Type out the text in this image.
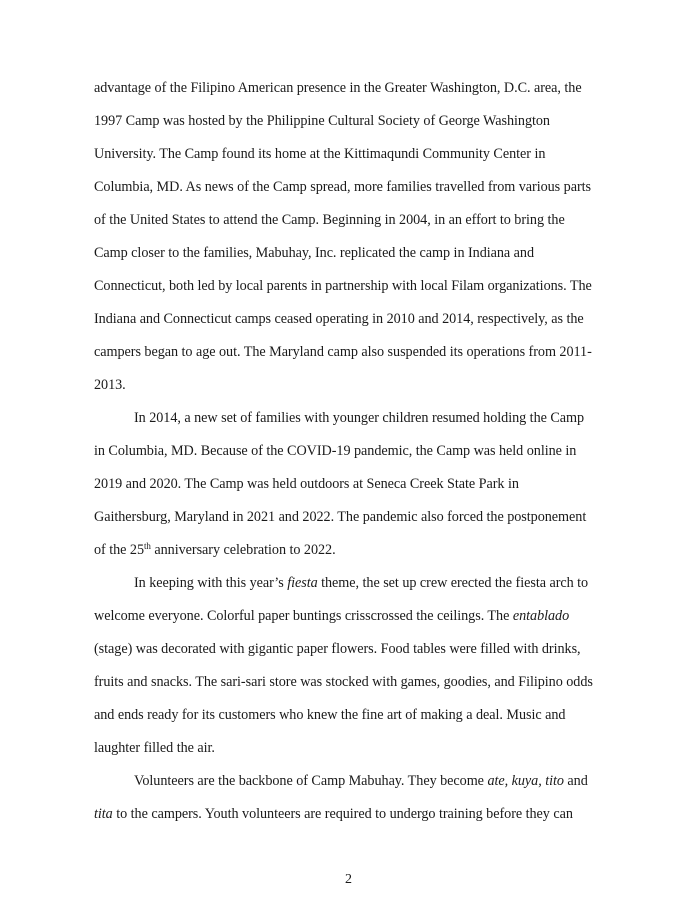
advantage of the Filipino American presence in the Greater Washington, D.C. area, the
1997 Camp was hosted by the Philippine Cultural Society of George Washington
University. The Camp found its home at the Kittimaqundi Community Center in
Columbia, MD. As news of the Camp spread, more families travelled from various parts
of the United States to attend the Camp. Beginning in 2004, in an effort to bring the
Camp closer to the families, Mabuhay, Inc. replicated the camp in Indiana and
Connecticut, both led by local parents in partnership with local Filam organizations. The
Indiana and Connecticut camps ceased operating in 2010 and 2014, respectively, as the
campers began to age out. The Maryland camp also suspended its operations from 2011-
2013.
In 2014, a new set of families with younger children resumed holding the Camp
in Columbia, MD. Because of the COVID-19 pandemic, the Camp was held online in
2019 and 2020. The Camp was held outdoors at Seneca Creek State Park in
Gaithersburg, Maryland in 2021 and 2022. The pandemic also forced the postponement
of the 25th anniversary celebration to 2022.
In keeping with this year’s fiesta theme, the set up crew erected the fiesta arch to
welcome everyone. Colorful paper buntings crisscrossed the ceilings. The entablado
(stage) was decorated with gigantic paper flowers. Food tables were filled with drinks,
fruits and snacks. The sari-sari store was stocked with games, goodies, and Filipino odds
and ends ready for its customers who knew the fine art of making a deal. Music and
laughter filled the air.
Volunteers are the backbone of Camp Mabuhay. They become ate, kuya, tito and
tita to the campers. Youth volunteers are required to undergo training before they can
2
